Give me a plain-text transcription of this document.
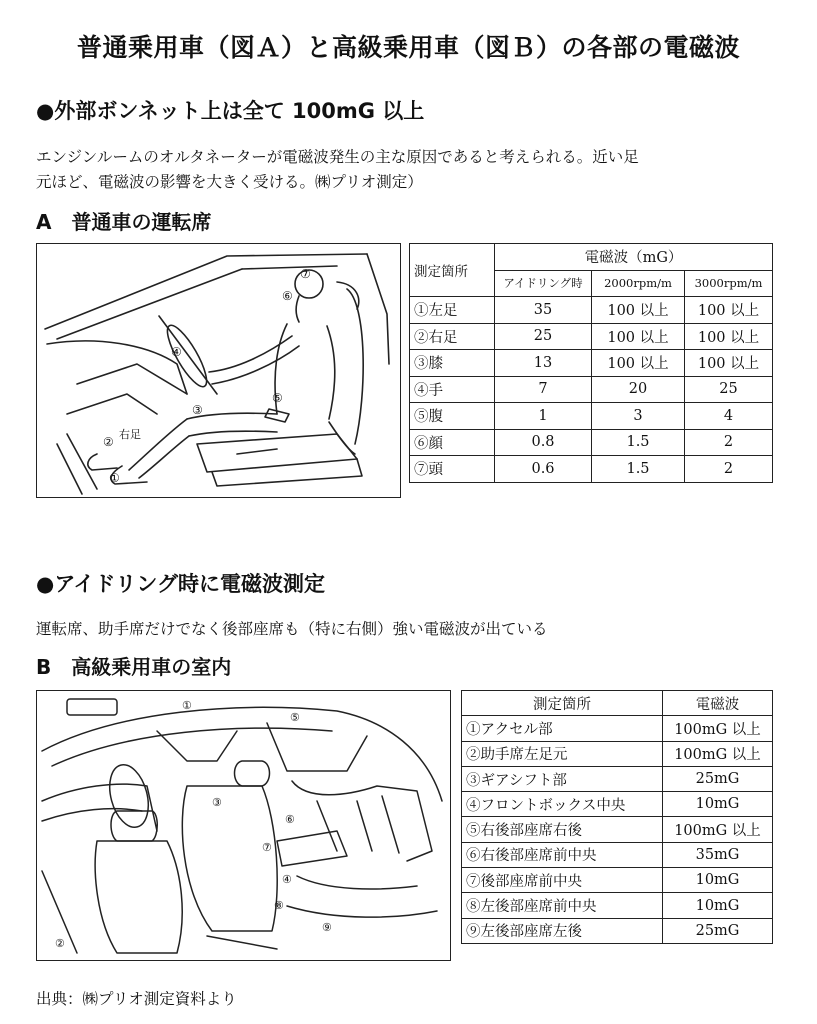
普通乗用車（図Ａ）と高級乗用車（図Ｂ）の各部の電磁波
●外部ボンネット上は全て 100mG 以上
エンジンルームのオルタネーターが電磁波発生の主な原因であると考えられる。近い足
元ほど、電磁波の影響を大きく受ける。㈱プリオ測定）
A　普通車の運転席
⑦
⑥
④
⑤
③
②
①
右足
測定箇所	電磁波（mG）		
	アイドリング時	2000rpm/m	3000rpm/m
①左足	35	100 以上	100 以上
②右足	25	100 以上	100 以上
③膝	13	100 以上	100 以上
④手	7	20	25
⑤腹	1	3	4
⑥顔	0.8	1.5	2
⑦頭	0.6	1.5	2
●アイドリング時に電磁波測定
運転席、助手席だけでなく後部座席も（特に右側）強い電磁波が出ている
B　高級乗用車の室内
①
②
③
④
⑤
⑥
⑦
⑧
⑨
測定箇所	電磁波
①アクセル部	100mG 以上
②助手席左足元	100mG 以上
③ギアシフト部	25mG
④フロントボックス中央	10mG
⑤右後部座席右後	100mG 以上
⑥右後部座席前中央	35mG
⑦後部座席前中央	10mG
⑧左後部座席前中央	10mG
⑨左後部座席左後	25mG
出典：㈱プリオ測定資料より
